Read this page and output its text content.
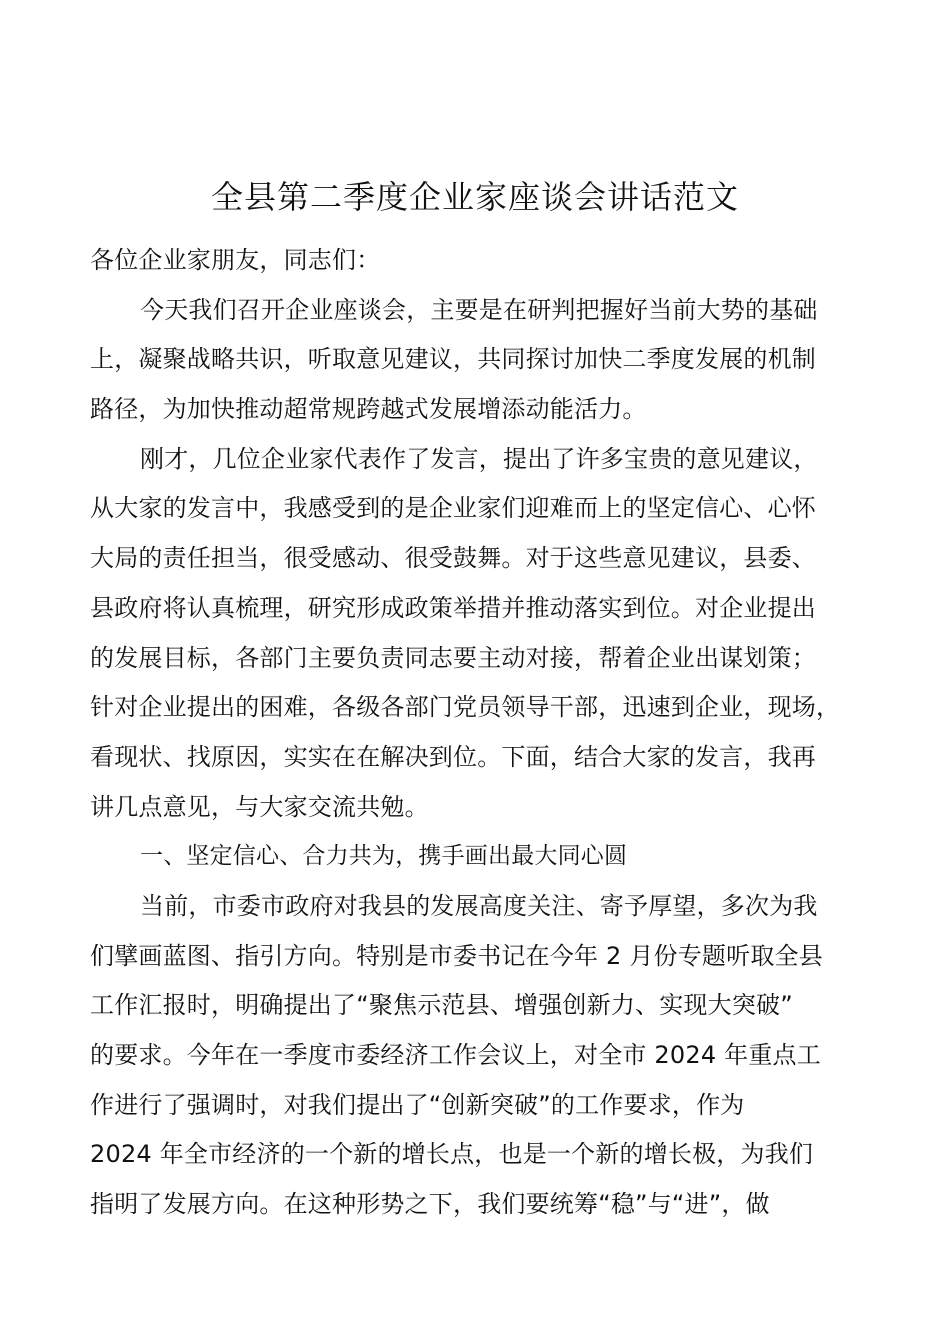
全县第二季度企业家座谈会讲话范文
各位企业家朋友，同志们：
今天我们召开企业座谈会，主要是在研判把握好当前大势的基础
上，凝聚战略共识，听取意见建议，共同探讨加快二季度发展的机制
路径，为加快推动超常规跨越式发展增添动能活力。
刚才，几位企业家代表作了发言，提出了许多宝贵的意见建议，
从大家的发言中，我感受到的是企业家们迎难而上的坚定信心、心怀
大局的责任担当，很受感动、很受鼓舞。对于这些意见建议，县委、
县政府将认真梳理，研究形成政策举措并推动落实到位。对企业提出
的发展目标，各部门主要负责同志要主动对接，帮着企业出谋划策；
针对企业提出的困难，各级各部门党员领导干部，迅速到企业，现场，
看现状、找原因，实实在在解决到位。下面，结合大家的发言，我再
讲几点意见，与大家交流共勉。
一、坚定信心、合力共为，携手画出最大同心圆
当前，市委市政府对我县的发展高度关注、寄予厚望，多次为我
们擘画蓝图、指引方向。特别是市委书记在今年 2 月份专题听取全县
工作汇报时，明确提出了“聚焦示范县、增强创新力、实现大突破”
的要求。今年在一季度市委经济工作会议上，对全市 2024 年重点工
作进行了强调时，对我们提出了“创新突破”的工作要求，作为
2024 年全市经济的一个新的增长点，也是一个新的增长极，为我们
指明了发展方向。在这种形势之下，我们要统筹“稳”与“进”，做
